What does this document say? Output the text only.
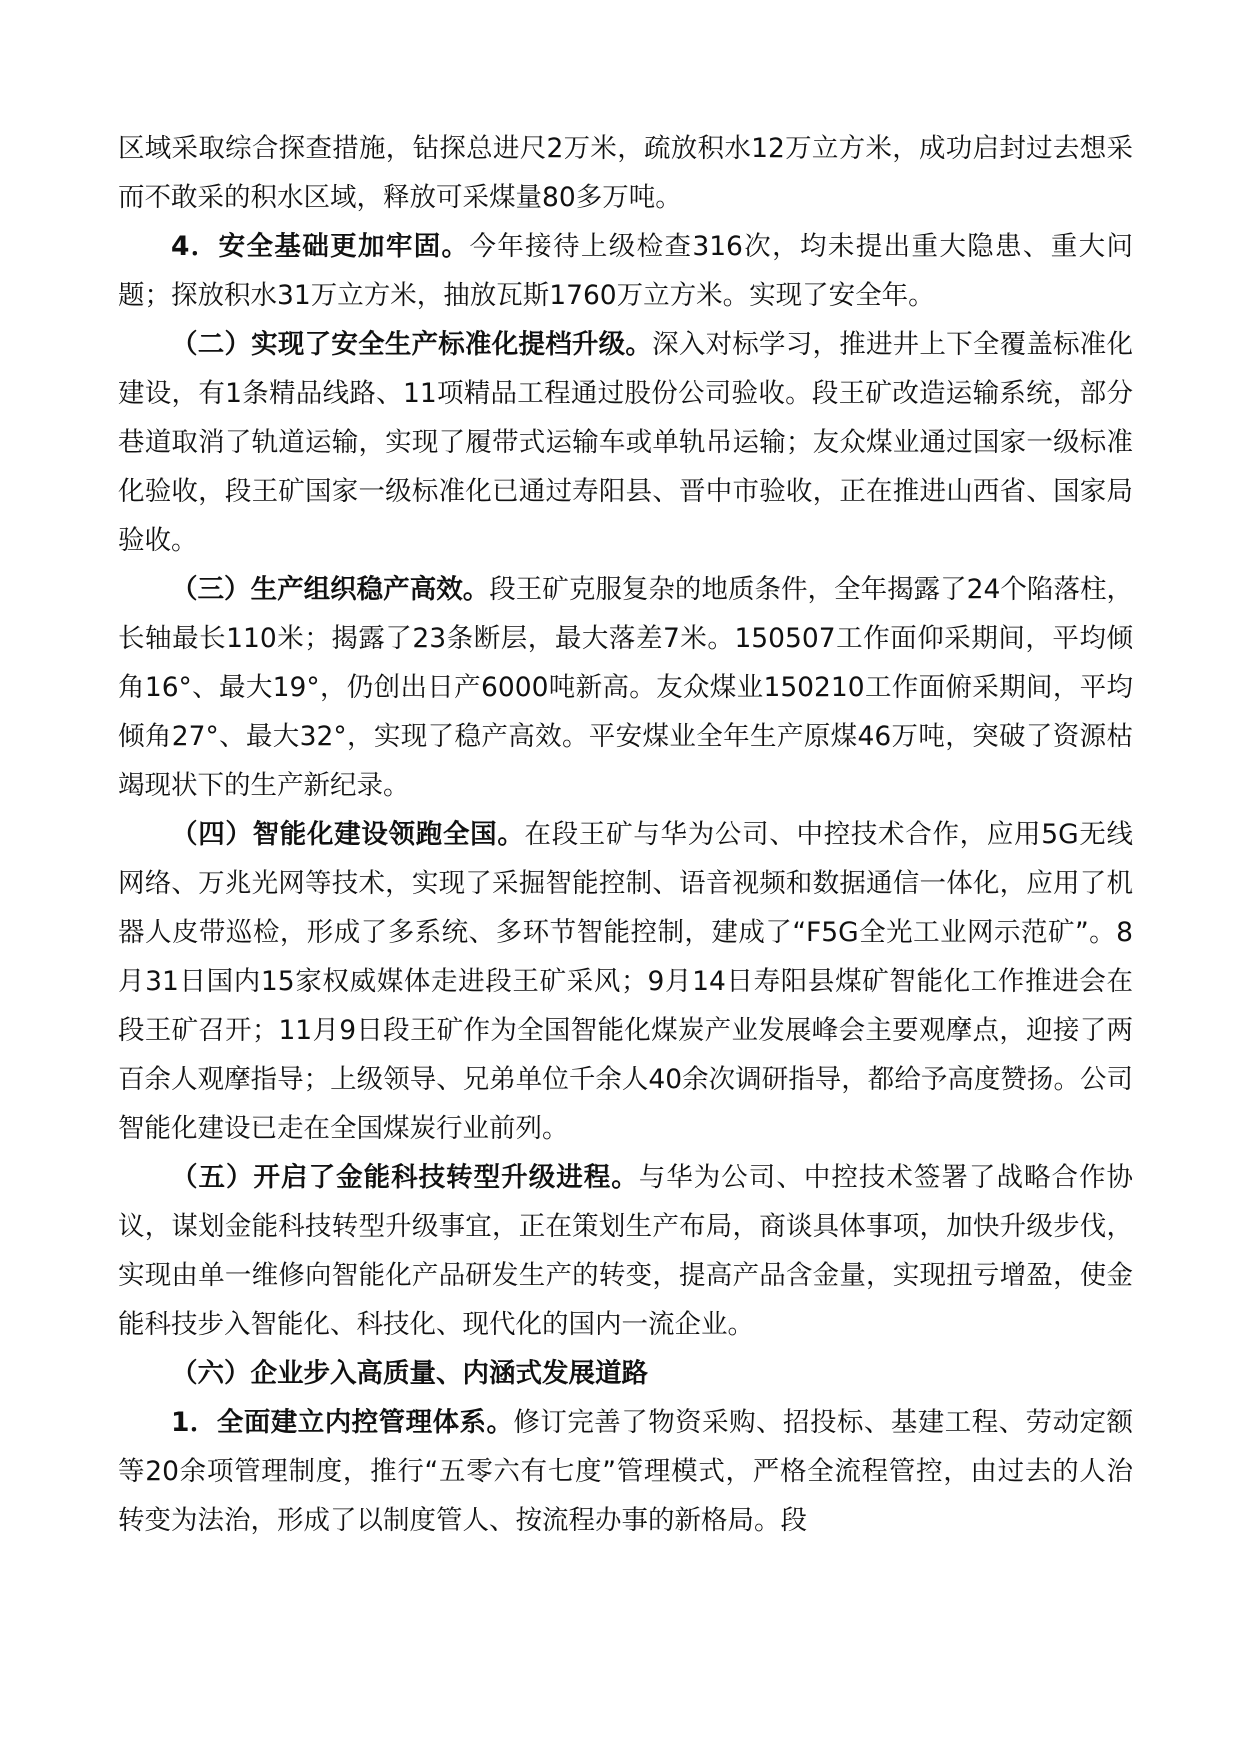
区域采取综合探查措施，钻探总进尺2万米，疏放积水12万立方米，成功启封过去想采而不敢采的积水区域，释放可采煤量80多万吨。

4．安全基础更加牢固。今年接待上级检查316次，均未提出重大隐患、重大问题；探放积水31万立方米，抽放瓦斯1760万立方米。实现了安全年。

（二）实现了安全生产标准化提档升级。深入对标学习，推进井上下全覆盖标准化建设，有1条精品线路、11项精品工程通过股份公司验收。段王矿改造运输系统，部分巷道取消了轨道运输，实现了履带式运输车或单轨吊运输；友众煤业通过国家一级标准化验收，段王矿国家一级标准化已通过寿阳县、晋中市验收，正在推进山西省、国家局验收。

（三）生产组织稳产高效。段王矿克服复杂的地质条件，全年揭露了24个陷落柱，长轴最长110米；揭露了23条断层，最大落差7米。150507工作面仰采期间，平均倾角16°、最大19°，仍创出日产6000吨新高。友众煤业150210工作面俯采期间，平均倾角27°、最大32°，实现了稳产高效。平安煤业全年生产原煤46万吨，突破了资源枯竭现状下的生产新纪录。

（四）智能化建设领跑全国。在段王矿与华为公司、中控技术合作，应用5G无线网络、万兆光网等技术，实现了采掘智能控制、语音视频和数据通信一体化，应用了机器人皮带巡检，形成了多系统、多环节智能控制，建成了“F5G全光工业网示范矿”。8月31日国内15家权威媒体走进段王矿采风；9月14日寿阳县煤矿智能化工作推进会在段王矿召开；11月9日段王矿作为全国智能化煤炭产业发展峰会主要观摩点，迎接了两百余人观摩指导；上级领导、兄弟单位千余人40余次调研指导，都给予高度赞扬。公司智能化建设已走在全国煤炭行业前列。

（五）开启了金能科技转型升级进程。与华为公司、中控技术签署了战略合作协议，谋划金能科技转型升级事宜，正在策划生产布局，商谈具体事项，加快升级步伐，实现由单一维修向智能化产品研发生产的转变，提高产品含金量，实现扭亏增盈，使金能科技步入智能化、科技化、现代化的国内一流企业。

（六）企业步入高质量、内涵式发展道路

1．全面建立内控管理体系。修订完善了物资采购、招投标、基建工程、劳动定额等20余项管理制度，推行“五零六有七度”管理模式，严格全流程管控，由过去的人治转变为法治，形成了以制度管人、按流程办事的新格局。段
